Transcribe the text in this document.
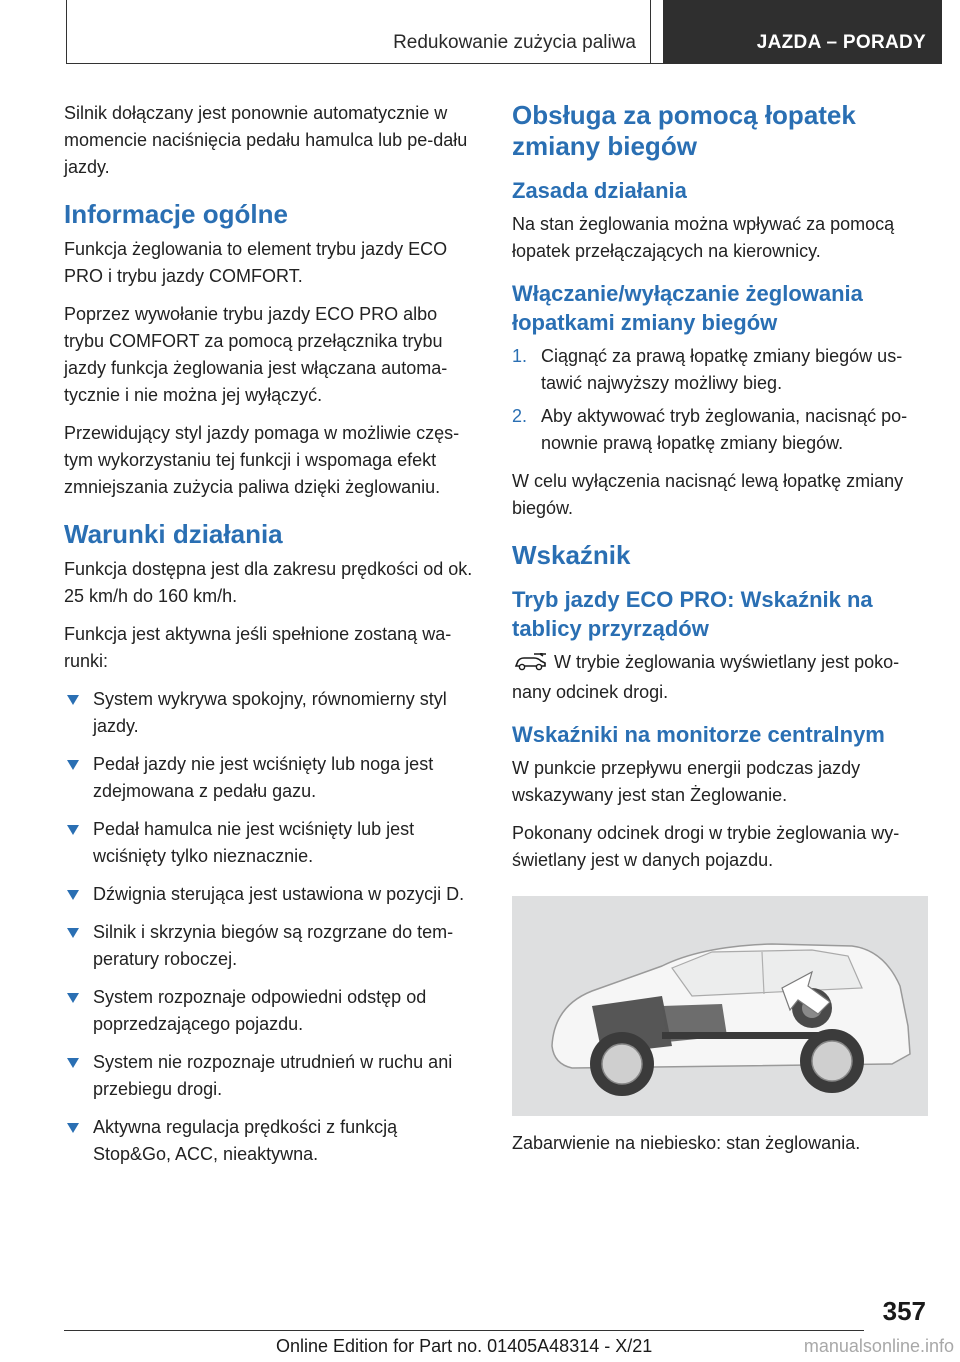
Redukowanie zużycia paliwa	JAZDA – PORADY

Silnik dołączany jest ponownie automatycznie w momencie naciśnięcia pedału hamulca lub pe-dału jazdy.

Informacje ogólne

Funkcja żeglowania to element trybu jazdy ECO PRO i trybu jazdy COMFORT.

Poprzez wywołanie trybu jazdy ECO PRO albo trybu COMFORT za pomocą przełącznika trybu jazdy funkcja żeglowania jest włączana automa-tycznie i nie można jej wyłączyć.

Przewidujący styl jazdy pomaga w możliwie częs-tym wykorzystaniu tej funkcji i wspomaga efekt zmniejszania zużycia paliwa dzięki żeglowaniu.

Warunki działania

Funkcja dostępna jest dla zakresu prędkości od ok. 25 km/h do 160 km/h.

Funkcja jest aktywna jeśli spełnione zostaną wa-runki:

System wykrywa spokojny, równomierny styl jazdy.
Pedał jazdy nie jest wciśnięty lub noga jest zdejmowana z pedału gazu.
Pedał hamulca nie jest wciśnięty lub jest wciśnięty tylko nieznacznie.
Dźwignia sterująca jest ustawiona w pozycji D.
Silnik i skrzynia biegów są rozgrzane do tem-peratury roboczej.
System rozpoznaje odpowiedni odstęp od poprzedzającego pojazdu.
System nie rozpoznaje utrudnień w ruchu ani przebiegu drogi.
Aktywna regulacja prędkości z funkcją Stop&Go, ACC, nieaktywna.
Obsługa za pomocą łopatek zmiany biegów
Zasada działania

Na stan żeglowania można wpływać za pomocą łopatek przełączających na kierownicy.

Włączanie/wyłączanie żeglowania łopatkami zmiany biegów
1. Ciągnąć za prawą łopatkę zmiany biegów us-tawić najwyższy możliwy bieg.
2. Aby aktywować tryb żeglowania, nacisnąć po-nownie prawą łopatkę zmiany biegów.

W celu wyłączenia nacisnąć lewą łopatkę zmiany biegów.

Wskaźnik
Tryb jazdy ECO PRO: Wskaźnik na tablicy przyrządów

W trybie żeglowania wyświetlany jest poko-nany odcinek drogi.

Wskaźniki na monitorze centralnym

W punkcie przepływu energii podczas jazdy wskazywany jest stan Żeglowanie.

Pokonany odcinek drogi w trybie żeglowania wy-świetlany jest w danych pojazdu.

Zabarwienie na niebiesko: stan żeglowania.

357
Online Edition for Part no. 01405A48314 - X/21	manualsonline.info
